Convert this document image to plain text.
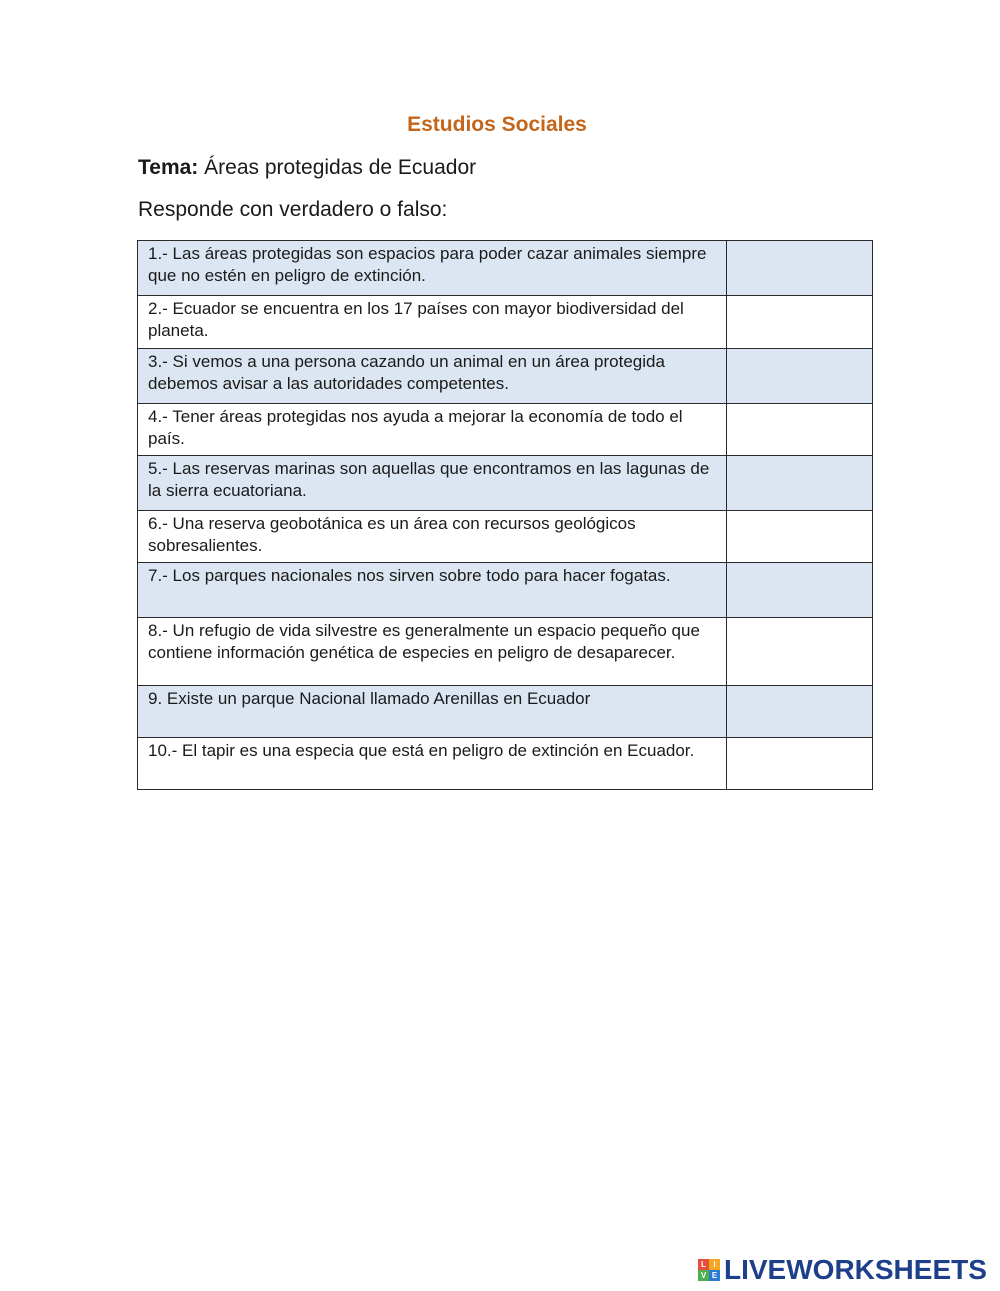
Estudios Sociales
Tema: Áreas protegidas de Ecuador
Responde con verdadero o falso:
1.- Las áreas protegidas son espacios para poder cazar animales siempre que no estén en peligro de extinción.	

2.- Ecuador se encuentra en los 17 países con mayor biodiversidad del planeta.	

3.- Si vemos a una persona cazando un animal en un área protegida debemos avisar a las autoridades competentes.	

4.- Tener áreas protegidas nos ayuda a mejorar la economía de todo el país.	

5.- Las reservas marinas son aquellas que encontramos en las lagunas de la sierra ecuatoriana.	

6.- Una reserva geobotánica es un área con recursos geológicos sobresalientes.	

7.- Los parques nacionales nos sirven sobre todo para hacer fogatas.	

8.- Un refugio de vida silvestre es generalmente un espacio pequeño que contiene información genética de especies en peligro de desaparecer.	

9. Existe un parque Nacional llamado Arenillas en Ecuador	

10.- El tapir es una especia que está en peligro de extinción en Ecuador.	
L I
V E LIVEWORKSHEETS
